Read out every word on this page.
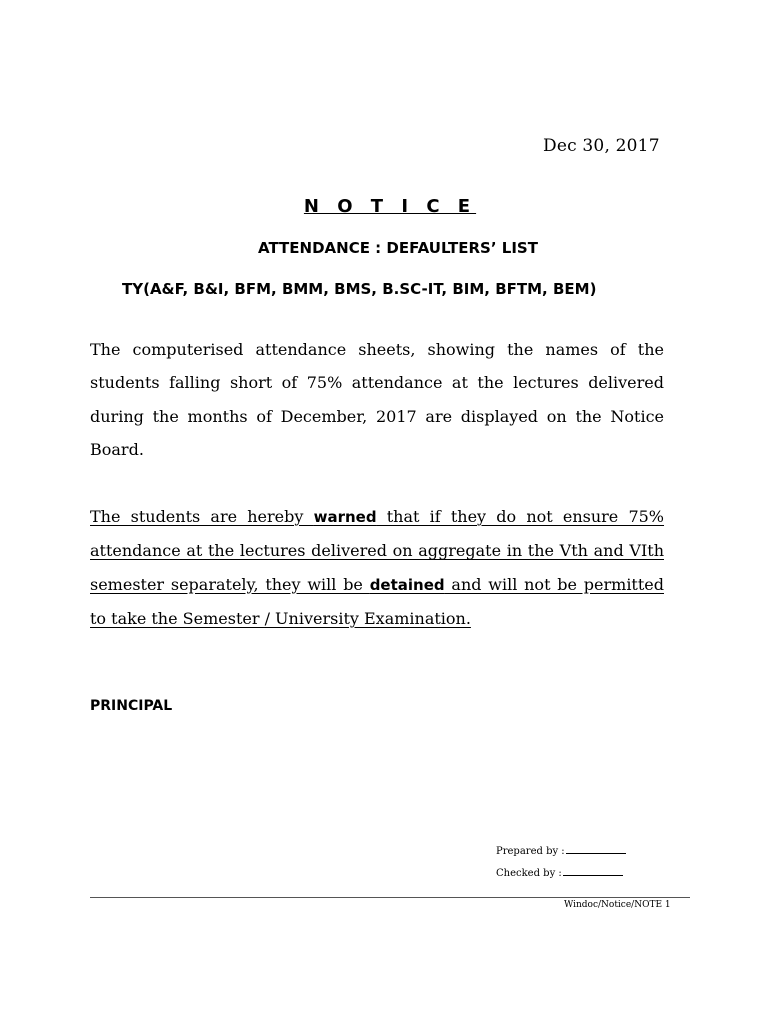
Dec 30, 2017
N O T I C E
ATTENDANCE : DEFAULTERS’ LIST
TY(A&F, B&I, BFM, BMM, BMS, B.SC-IT, BIM, BFTM, BEM)
The computerised attendance sheets, showing the names of the students falling short of 75% attendance at the lectures delivered during the months of December, 2017 are displayed on the Notice Board.
The students are hereby warned that if they do not ensure 75% attendance at the lectures delivered on aggregate in the Vth and VIth semester separately, they will be detained and will not be permitted to take the Semester / University Examination.
PRINCIPAL
Prepared by :
Checked by :
Windoc/Notice/NOTE 1
